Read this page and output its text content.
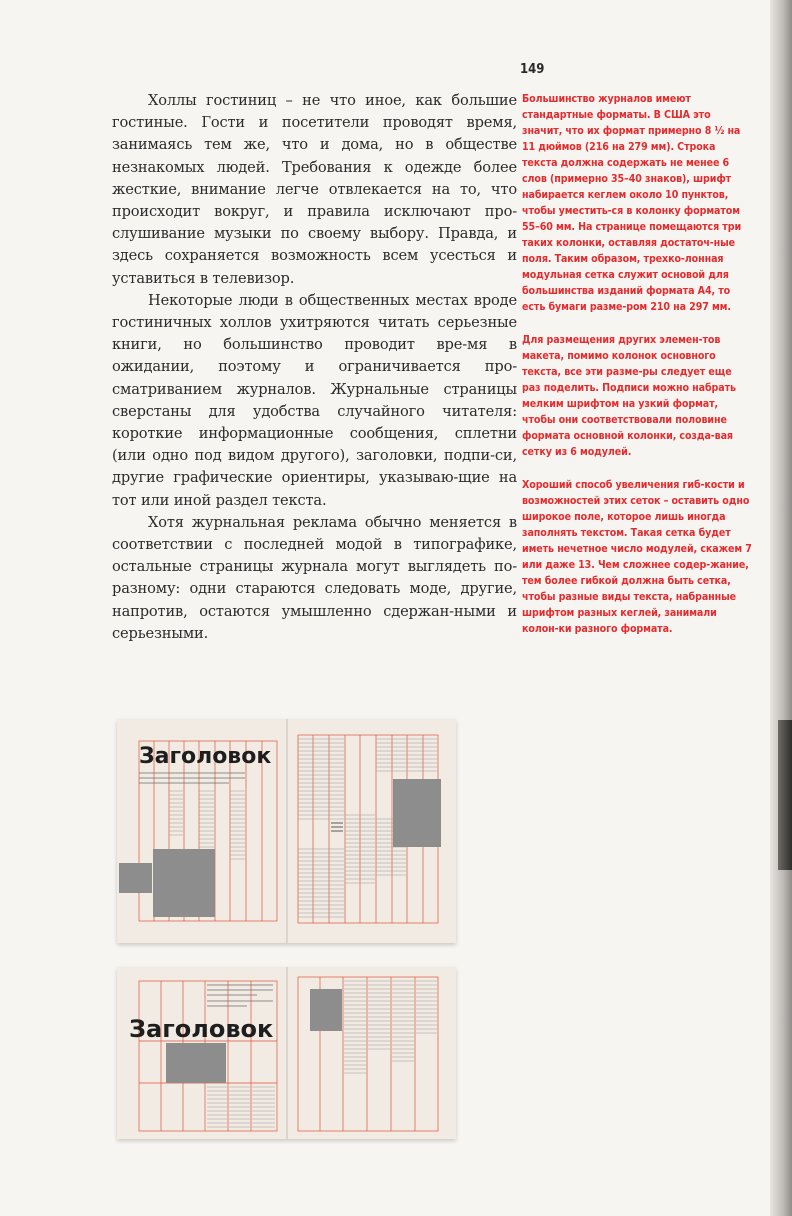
149

Холлы гостиниц – не что иное, как большие гостиные. Гости и посетители проводят время, занимаясь тем же, что и дома, но в обществе незнакомых людей. Требования к одежде более жесткие, внимание легче отвлекается на то, что происходит вокруг, и правила исключают про-слушивание музыки по своему выбору. Правда, и здесь сохраняется возможность всем усесться и уставиться в телевизор.

Некоторые люди в общественных местах вроде гостиничных холлов ухитряются читать серьезные книги, но большинство проводит вре-мя в ожидании, поэтому и ограничивается про-сматриванием журналов. Журнальные страницы сверстаны для удобства случайного читателя: короткие информационные сообщения, сплетни (или одно под видом другого), заголовки, подпи-си, другие графические ориентиры, указываю-щие на тот или иной раздел текста.

Хотя журнальная реклама обычно меняется в соответствии с последней модой в типографике, остальные страницы журнала могут выглядеть по-разному: одни стараются следовать моде, другие, напротив, остаются умышленно сдержан-ными и серьезными.

Большинство журналов имеют стандартные форматы. В США это значит, что их формат примерно 8 ½ на 11 дюймов (216 на 279 мм). Строка текста должна содержать не менее 6 слов (примерно 35–40 знаков), шрифт набирается кеглем около 10 пунктов, чтобы уместить-ся в колонку форматом 55–60 мм. На странице помещаются три таких колонки, оставляя достаточ-ные поля. Таким образом, трехко-лонная модульная сетка служит основой для большинства изданий формата А4, то есть бумаги разме-ром 210 на 297 мм.

Для размещения других элемен-тов макета, помимо колонок основного текста, все эти разме-ры следует еще раз поделить. Подписи можно набрать мелким шрифтом на узкий формат, чтобы они соответствовали половине формата основной колонки, созда-вая сетку из 6 модулей.

Хороший способ увеличения гиб-кости и возможностей этих сеток – оставить одно широкое поле, которое лишь иногда заполнять текстом. Такая сетка будет иметь нечетное число модулей, скажем 7 или даже 13. Чем сложнее содер-жание, тем более гибкой должна быть сетка, чтобы разные виды текста, набранные шрифтом разных кеглей, занимали колон-ки разного формата.

Заголовок
Заголовок
